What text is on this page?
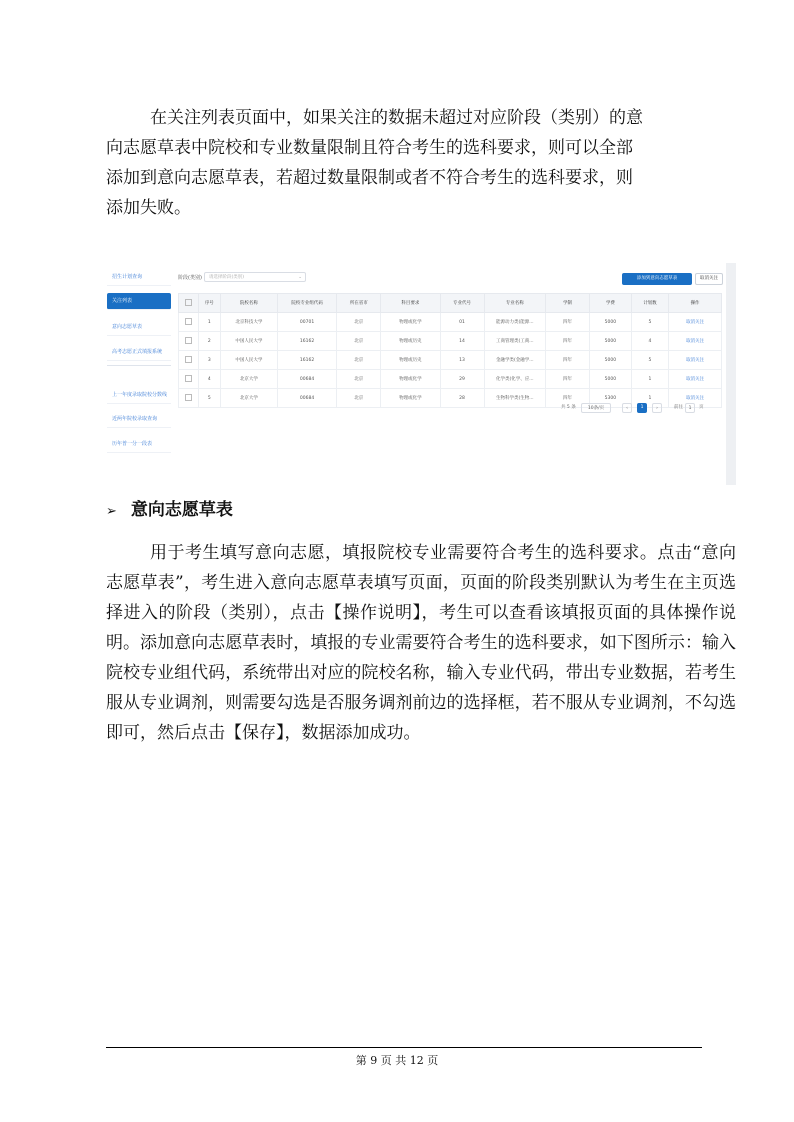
在关注列表页面中，如果关注的数据未超过对应阶段（类别）的意
向志愿草表中院校和专业数量限制且符合考生的选科要求，则可以全部
添加到意向志愿草表，若超过数量限制或者不符合考生的选科要求，则
添加失败。
招生计划查询
关注列表
意向志愿草表
高考志愿正式填报系统
上一年度录取院校分数线
近两年院校录取查询
历年普一分一段表
阶段(类别)	请选择阶段(类别)	⌄	添加到意向志愿草表	取消关注
	序号	院校名称	院校专业组代码	所在省市	科目要求	专业代号	专业名称	学制	学费	计划数	操作
	1	北京科技大学	00701	北京	物理或化学	01	能源动力类(能源...	四年	5000	5	取消关注
	2	中国人民大学	16162	北京	物理或历史	14	工商管理类(工商...	四年	5000	4	取消关注
	3	中国人民大学	16162	北京	物理或历史	13	金融学类(金融学...	四年	5000	5	取消关注
	4	北京大学	00684	北京	物理或化学	29	化学类(化学、应...	四年	5000	1	取消关注
	5	北京大学	00684	北京	物理或化学	28	生物科学类(生物...	四年	5300	1	取消关注
共 5 条	10条/页	‹	1	›	前往	1	页
➢ 意向志愿草表

用于考生填写意向志愿，填报院校专业需要符合考生的选科要求。点击“意向志愿草表”，考生进入意向志愿草表填写页面，页面的阶段类别默认为考生在主页选择进入的阶段（类别），点击【操作说明】，考生可以查看该填报页面的具体操作说明。添加意向志愿草表时，填报的专业需要符合考生的选科要求，如下图所示：输入院校专业组代码，系统带出对应的院校名称，输入专业代码，带出专业数据，若考生服从专业调剂，则需要勾选是否服务调剂前边的选择框，若不服从专业调剂，不勾选即可，然后点击【保存】，数据添加成功。

第 9 页 共 12 页
